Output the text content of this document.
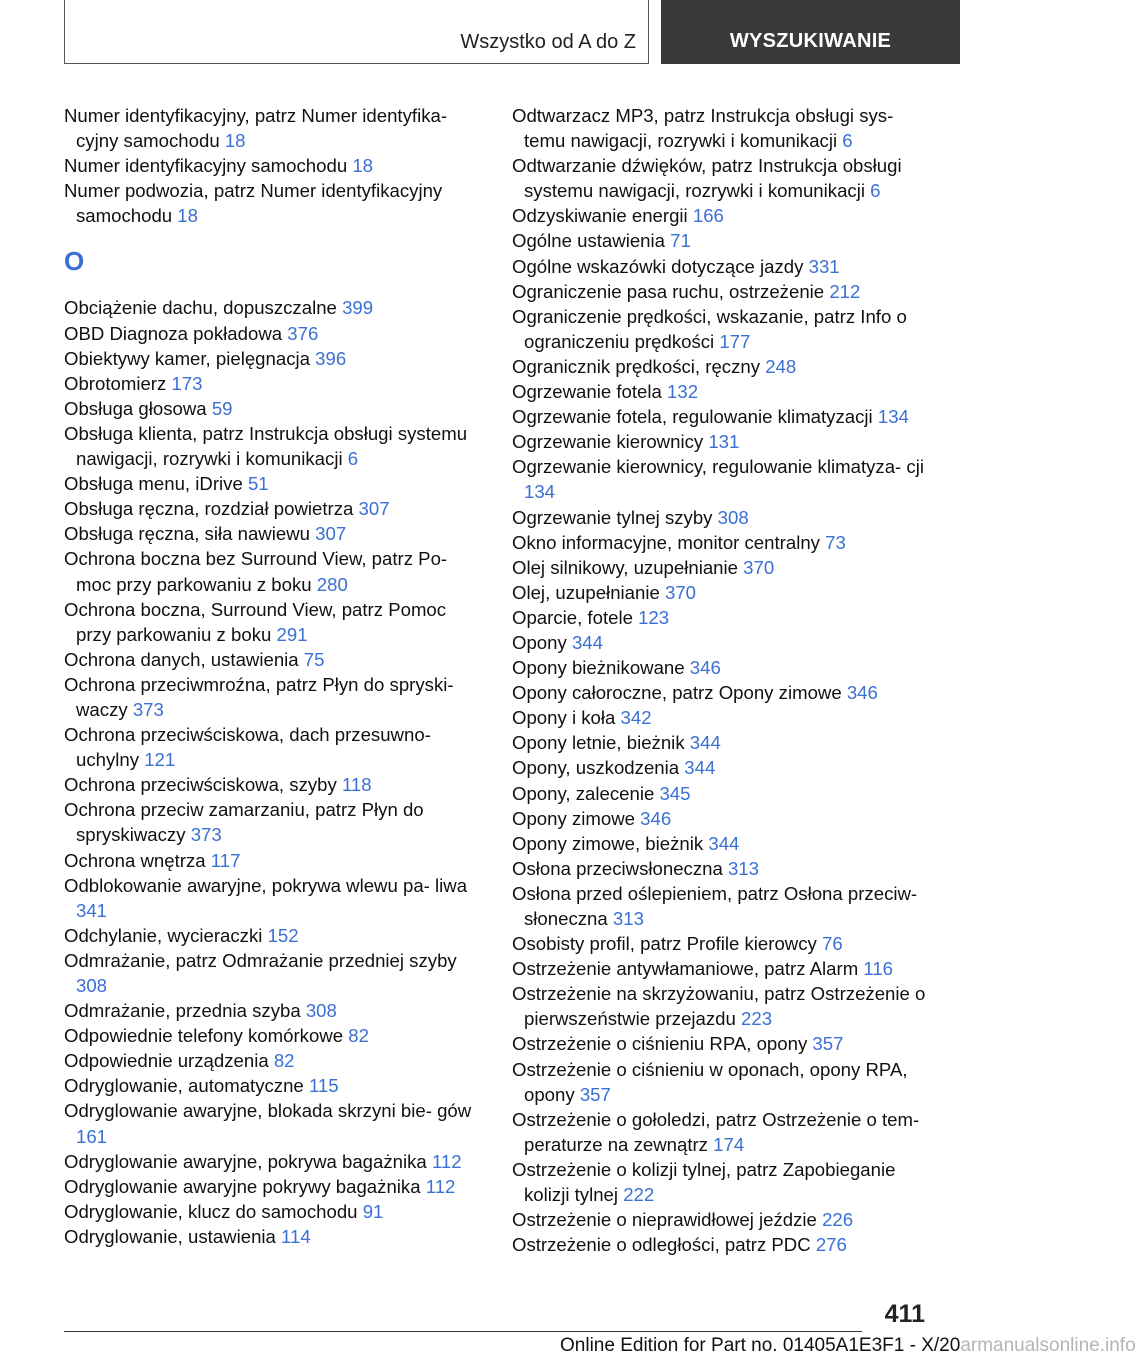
Wszystko od A do Z	WYSZUKIWANIE

Numer identyfikacyjny, patrz Numer identyfika‐ cyjny samochodu 18

Numer identyfikacyjny samochodu 18

Numer podwozia, patrz Numer identyfikacyjny samochodu 18

O

Obciążenie dachu, dopuszczalne 399

OBD Diagnoza pokładowa 376

Obiektywy kamer, pielęgnacja 396

Obrotomierz 173

Obsługa głosowa 59

Obsługa klienta, patrz Instrukcja obsługi systemu nawigacji, rozrywki i komunikacji 6

Obsługa menu, iDrive 51

Obsługa ręczna, rozdział powietrza 307

Obsługa ręczna, siła nawiewu 307

Ochrona boczna bez Surround View, patrz Po‐ moc przy parkowaniu z boku 280

Ochrona boczna, Surround View, patrz Pomoc przy parkowaniu z boku 291

Ochrona danych, ustawienia 75

Ochrona przeciwmroźna, patrz Płyn do spryski‐ waczy 373

Ochrona przeciwściskowa, dach przesuwno‐ uchylny 121

Ochrona przeciwściskowa, szyby 118

Ochrona przeciw zamarzaniu, patrz Płyn do spryskiwaczy 373

Ochrona wnętrza 117

Odblokowanie awaryjne, pokrywa wlewu pa‐ liwa 341

Odchylanie, wycieraczki 152

Odmrażanie, patrz Odmrażanie przedniej szyby 308

Odmrażanie, przednia szyba 308

Odpowiednie telefony komórkowe 82

Odpowiednie urządzenia 82

Odryglowanie, automatyczne 115

Odryglowanie awaryjne, blokada skrzyni bie‐ gów 161

Odryglowanie awaryjne, pokrywa bagażnika 112

Odryglowanie awaryjne pokrywy bagażnika 112

Odryglowanie, klucz do samochodu 91

Odryglowanie, ustawienia 114

Odtwarzacz MP3, patrz Instrukcja obsługi sys‐ temu nawigacji, rozrywki i komunikacji 6

Odtwarzanie dźwięków, patrz Instrukcja obsługi systemu nawigacji, rozrywki i komunikacji 6

Odzyskiwanie energii 166

Ogólne ustawienia 71

Ogólne wskazówki dotyczące jazdy 331

Ograniczenie pasa ruchu, ostrzeżenie 212

Ograniczenie prędkości, wskazanie, patrz Info o ograniczeniu prędkości 177

Ogranicznik prędkości, ręczny 248

Ogrzewanie fotela 132

Ogrzewanie fotela, regulowanie klimatyzacji 134

Ogrzewanie kierownicy 131

Ogrzewanie kierownicy, regulowanie klimatyza‐ cji 134

Ogrzewanie tylnej szyby 308

Okno informacyjne, monitor centralny 73

Olej silnikowy, uzupełnianie 370

Olej, uzupełnianie 370

Oparcie, fotele 123

Opony 344

Opony bieżnikowane 346

Opony całoroczne, patrz Opony zimowe 346

Opony i koła 342

Opony letnie, bieżnik 344

Opony, uszkodzenia 344

Opony, zalecenie 345

Opony zimowe 346

Opony zimowe, bieżnik 344

Osłona przeciwsłoneczna 313

Osłona przed oślepieniem, patrz Osłona przeciw‐ słoneczna 313

Osobisty profil, patrz Profile kierowcy 76

Ostrzeżenie antywłamaniowe, patrz Alarm 116

Ostrzeżenie na skrzyżowaniu, patrz Ostrzeżenie o pierwszeństwie przejazdu 223

Ostrzeżenie o ciśnieniu RPA, opony 357

Ostrzeżenie o ciśnieniu w oponach, opony RPA, opony 357

Ostrzeżenie o gołoledzi, patrz Ostrzeżenie o tem‐ peraturze na zewnątrz 174

Ostrzeżenie o kolizji tylnej, patrz Zapobieganie kolizji tylnej 222

Ostrzeżenie o nieprawidłowej jeździe 226

Ostrzeżenie o odległości, patrz PDC 276

411
Online Edition for Part no. 01405A1E3F1 - X/20armanualsonline.info
